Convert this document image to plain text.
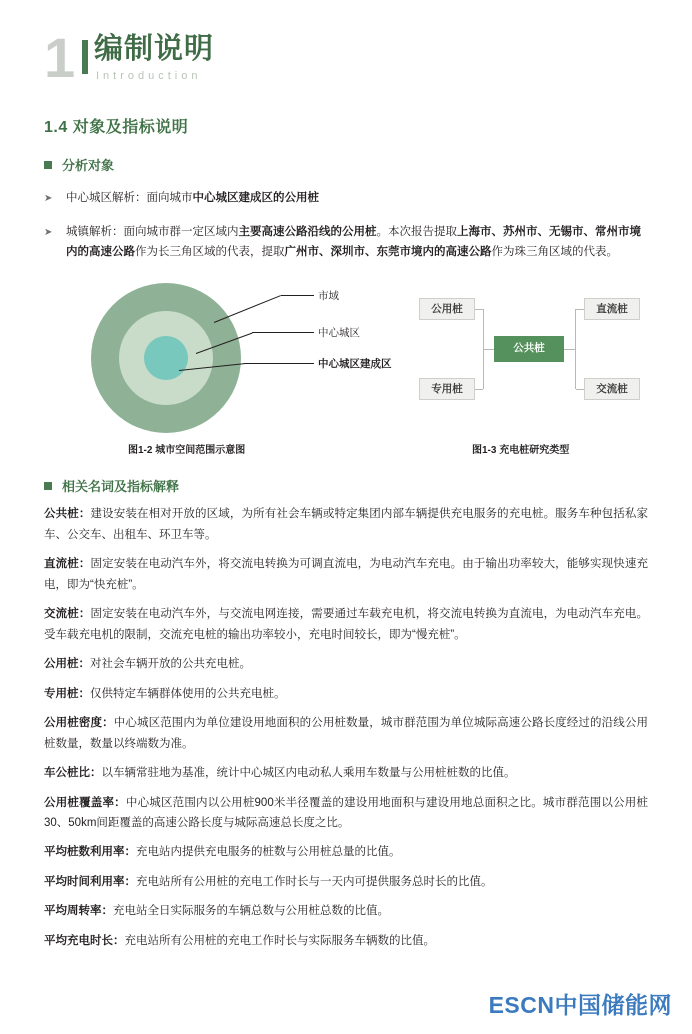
1 编制说明
Introduction
1.4 对象及指标说明
分析对象
➤	中心城区解析：面向城市中心城区建成区的公用桩
➤	城镇解析：面向城市群一定区域内主要高速公路沿线的公用桩。本次报告提取上海市、苏州市、无锡市、常州市境内的高速公路作为长三角区域的代表，提取广州市、深圳市、东莞市境内的高速公路作为珠三角区域的代表。
市域
中心城区
中心城区建成区
图1-2 城市空间范围示意图
公用桩
专用桩
公共桩
直流桩
交流桩
图1-3 充电桩研究类型
相关名词及指标解释
公共桩：建设安装在相对开放的区域，为所有社会车辆或特定集团内部车辆提供充电服务的充电桩。服务车种包括私家车、公交车、出租车、环卫车等。
直流桩：固定安装在电动汽车外，将交流电转换为可调直流电，为电动汽车充电。由于输出功率较大，能够实现快速充电，即为“快充桩”。
交流桩：固定安装在电动汽车外，与交流电网连接，需要通过车载充电机，将交流电转换为直流电，为电动汽车充电。受车载充电机的限制，交流充电桩的输出功率较小，充电时间较长，即为“慢充桩”。
公用桩：对社会车辆开放的公共充电桩。
专用桩：仅供特定车辆群体使用的公共充电桩。
公用桩密度：中心城区范围内为单位建设用地面积的公用桩数量，城市群范围为单位城际高速公路长度经过的沿线公用桩数量，数量以终端数为准。
车公桩比：以车辆常驻地为基准，统计中心城区内电动私人乘用车数量与公用桩桩数的比值。
公用桩覆盖率：中心城区范围内以公用桩900米半径覆盖的建设用地面积与建设用地总面积之比。城市群范围以公用桩30、50km间距覆盖的高速公路长度与城际高速总长度之比。
平均桩数利用率：充电站内提供充电服务的桩数与公用桩总量的比值。
平均时间利用率：充电站所有公用桩的充电工作时长与一天内可提供服务总时长的比值。
平均周转率：充电站全日实际服务的车辆总数与公用桩总数的比值。
平均充电时长：充电站所有公用桩的充电工作时长与实际服务车辆数的比值。
ESCN中国储能网
